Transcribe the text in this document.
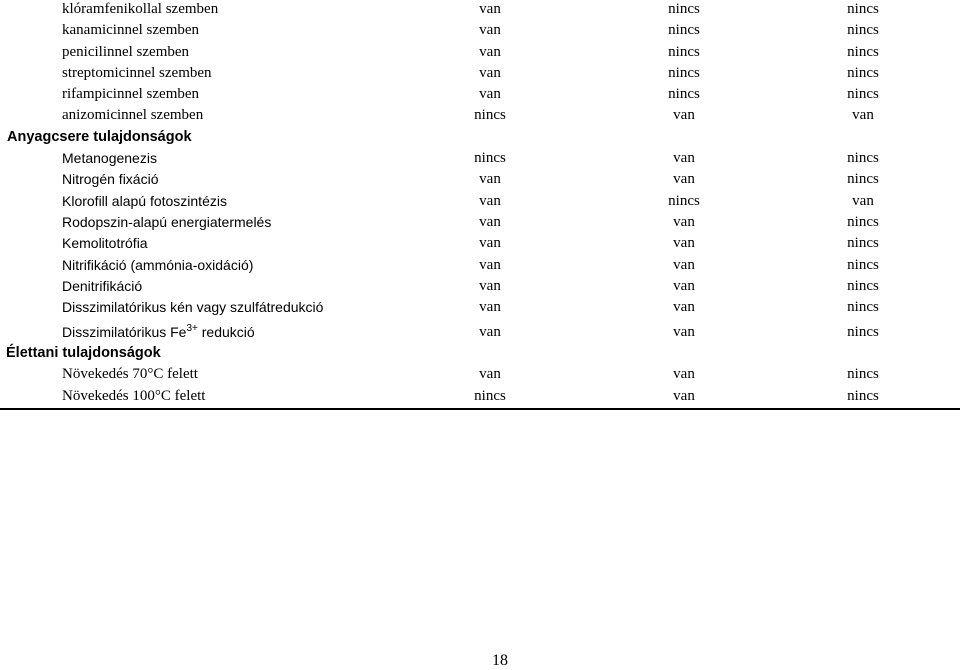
klóramfenikollal szemben	van	nincs	nincs
kanamicinnel szemben	van	nincs	nincs
penicilinnel szemben	van	nincs	nincs
streptomicinnel szemben	van	nincs	nincs
rifampicinnel szemben	van	nincs	nincs
anizomicinnel szemben	nincs	van	van
Anyagcsere tulajdonságok
Metanogenezis	nincs	van	nincs
Nitrogén fixáció	van	van	nincs
Klorofill alapú fotoszintézis	van	nincs	van
Rodopszin-alapú energiatermelés	van	van	nincs
Kemolitotrófia	van	van	nincs
Nitrifikáció (ammónia-oxidáció)	van	van	nincs
Denitrifikáció	van	van	nincs
Disszimilatórikus kén vagy szulfátredukció	van	van	nincs
Disszimilatórikus $Fe^{3+}$ redukció	van	van	nincs
Élettani tulajdonságok
Növekedés 70°C felett	van	van	nincs
Növekedés 100°C felett	nincs	van	nincs
18
